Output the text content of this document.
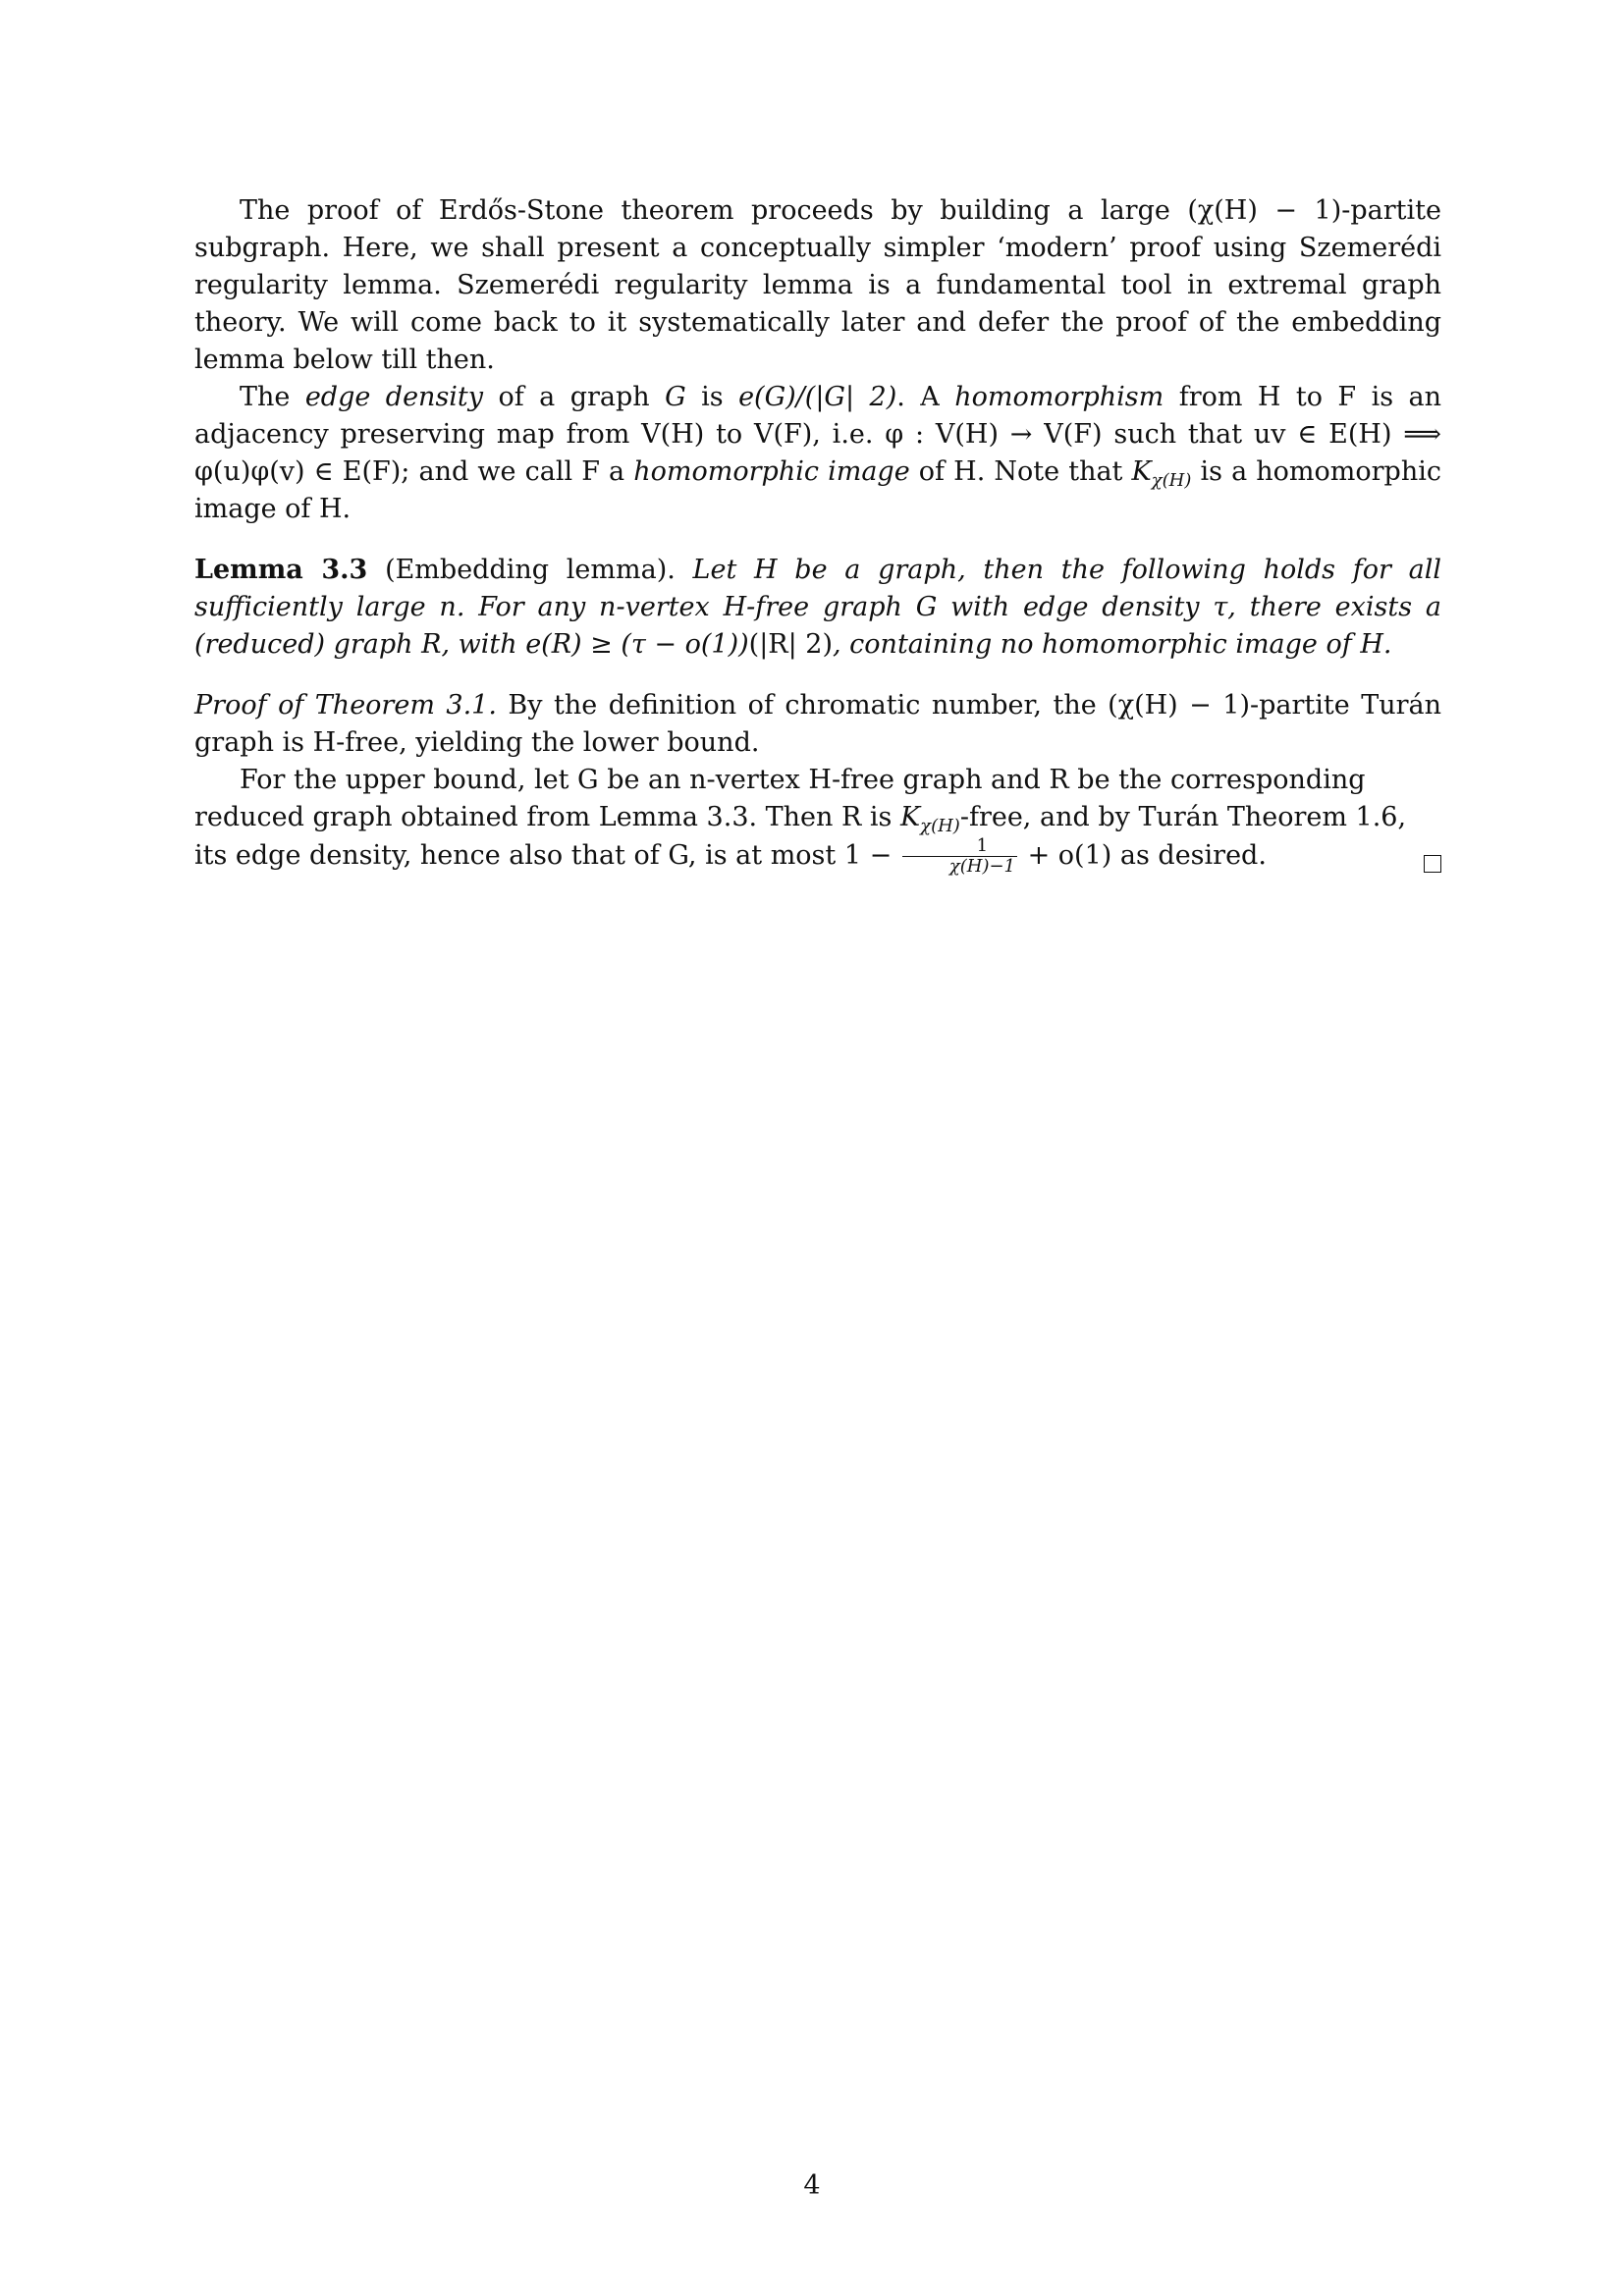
The proof of Erdős-Stone theorem proceeds by building a large (χ(H) − 1)-partite subgraph. Here, we shall present a conceptually simpler ‘modern’ proof using Szemerédi regularity lemma. Szemerédi regularity lemma is a fundamental tool in extremal graph theory. We will come back to it systematically later and defer the proof of the embedding lemma below till then.

The edge density of a graph G is e(G)/(|G| 2). A homomorphism from H to F is an adjacency preserving map from V(H) to V(F), i.e. φ : V(H) → V(F) such that uv ∈ E(H) ⟹ φ(u)φ(v) ∈ E(F); and we call F a homomorphic image of H. Note that $K_{\chi(H)}$ is a homomorphic image of H.

Lemma 3.3 (Embedding lemma). Let H be a graph, then the following holds for all sufficiently large n. For any n-vertex H-free graph G with edge density τ, there exists a (reduced) graph R, with e(R) ≥ (τ − o(1))(|R| 2), containing no homomorphic image of H.

Proof of Theorem 3.1. By the definition of chromatic number, the (χ(H) − 1)-partite Turán graph is H-free, yielding the lower bound.

For the upper bound, let G be an n-vertex H-free graph and R be the corresponding reduced graph obtained from Lemma 3.3. Then R is $K_{\chi(H)}$-free, and by Turán Theorem 1.6, its edge density, hence also that of G, is at most $1 - \frac{1}{\chi(H)-1} + o(1)$ as desired.

4
